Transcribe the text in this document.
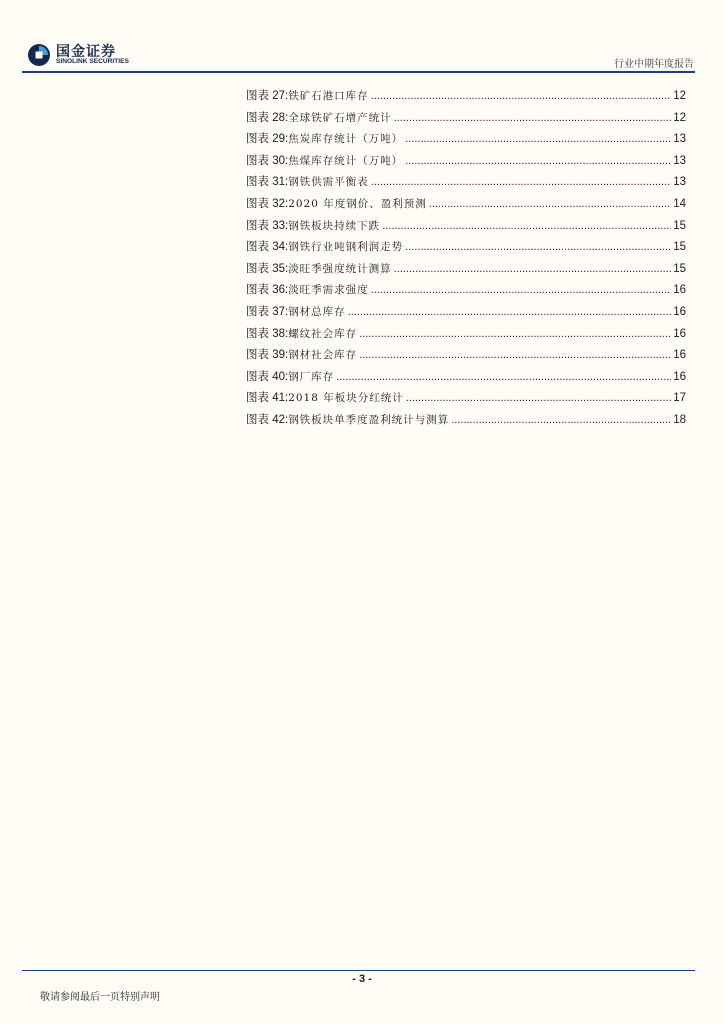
国金证券
SINOLINK SECURITIES	行业中期年度报告
图表 27: 铁矿石港口库存 .....	12
图表 28: 全球铁矿石增产统计 .....	12
图表 29: 焦炭库存统计（万吨） .....	13
图表 30: 焦煤库存统计（万吨） .....	13
图表 31: 钢铁供需平衡表 .....	13
图表 32: 2020 年度钢价、盈利预测 .....	14
图表 33: 钢铁板块持续下跌 .....	15
图表 34: 钢铁行业吨钢利润走势 .....	15
图表 35: 淡旺季强度统计测算 .....	15
图表 36: 淡旺季需求强度 .....	16
图表 37: 钢材总库存 .....	16
图表 38: 螺纹社会库存 .....	16
图表 39: 钢材社会库存 .....	16
图表 40: 钢厂库存 .....	16
图表 41: 2018 年板块分红统计 .....	17
图表 42: 钢铁板块单季度盈利统计与测算 .....	18
- 3 -
敬请参阅最后一页特别声明
